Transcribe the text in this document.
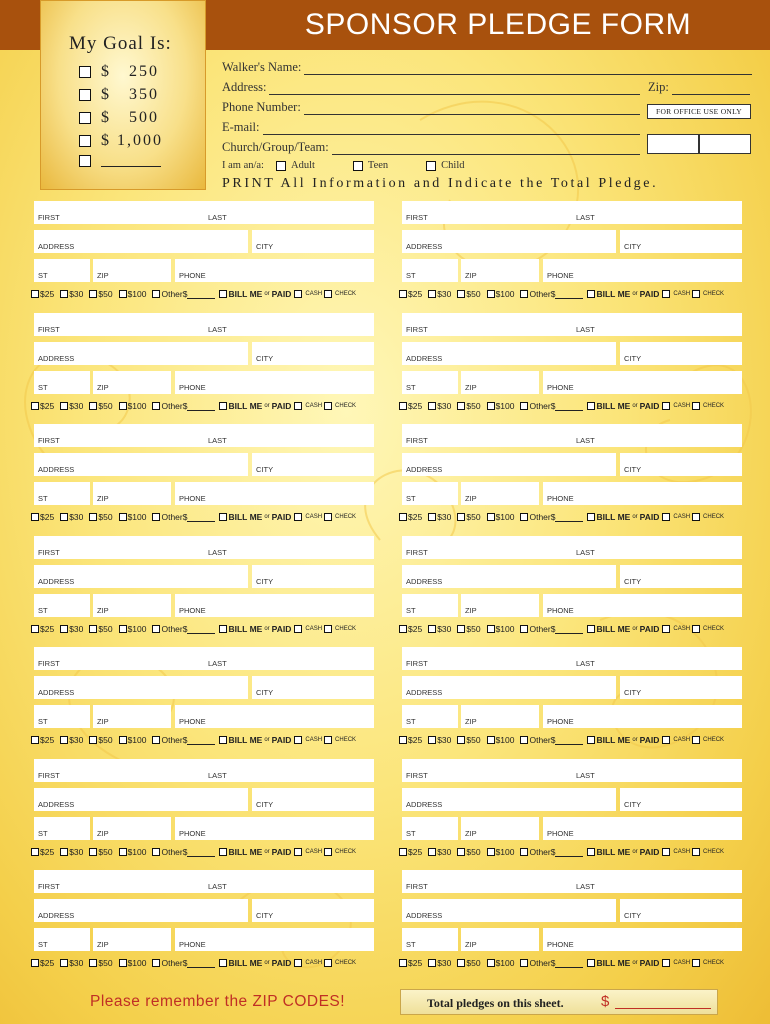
SPONSOR PLEDGE FORM
My Goal Is:
$   250
$   350
$   500
$ 1,000
Walker's Name:
Address:	Zip:
Phone Number:
E-mail:
Church/Group/Team:
FOR OFFICE USE ONLY
I am an/a:	Adult	Teen	Child
PRINT All Information and Indicate the Total Pledge.
FIRST	LAST
ADDRESS	CITY
ST	ZIP	PHONE
$25 $30 $50 $100 Other$	BILL ME or PAID CASH CHECK
FIRST	LAST
ADDRESS	CITY
ST	ZIP	PHONE
$25 $30 $50 $100 Other$	BILL ME or PAID CASH CHECK
FIRST	LAST
ADDRESS	CITY
ST	ZIP	PHONE
$25 $30 $50 $100 Other$	BILL ME or PAID CASH CHECK
FIRST	LAST
ADDRESS	CITY
ST	ZIP	PHONE
$25 $30 $50 $100 Other$	BILL ME or PAID CASH CHECK
FIRST	LAST
ADDRESS	CITY
ST	ZIP	PHONE
$25 $30 $50 $100 Other$	BILL ME or PAID CASH CHECK
FIRST	LAST
ADDRESS	CITY
ST	ZIP	PHONE
$25 $30 $50 $100 Other$	BILL ME or PAID CASH CHECK
FIRST	LAST
ADDRESS	CITY
ST	ZIP	PHONE
$25 $30 $50 $100 Other$	BILL ME or PAID CASH CHECK
FIRST	LAST
ADDRESS	CITY
ST	ZIP	PHONE
$25 $30 $50 $100 Other$	BILL ME or PAID CASH CHECK
FIRST	LAST
ADDRESS	CITY
ST	ZIP	PHONE
$25 $30 $50 $100 Other$	BILL ME or PAID CASH CHECK
FIRST	LAST
ADDRESS	CITY
ST	ZIP	PHONE
$25 $30 $50 $100 Other$	BILL ME or PAID CASH CHECK
FIRST	LAST
ADDRESS	CITY
ST	ZIP	PHONE
$25 $30 $50 $100 Other$	BILL ME or PAID CASH CHECK
FIRST	LAST
ADDRESS	CITY
ST	ZIP	PHONE
$25 $30 $50 $100 Other$	BILL ME or PAID CASH CHECK
FIRST	LAST
ADDRESS	CITY
ST	ZIP	PHONE
$25 $30 $50 $100 Other$	BILL ME or PAID CASH CHECK
FIRST	LAST
ADDRESS	CITY
ST	ZIP	PHONE
$25 $30 $50 $100 Other$	BILL ME or PAID CASH CHECK
Please remember the ZIP CODES!	Total pledges on this sheet. $
